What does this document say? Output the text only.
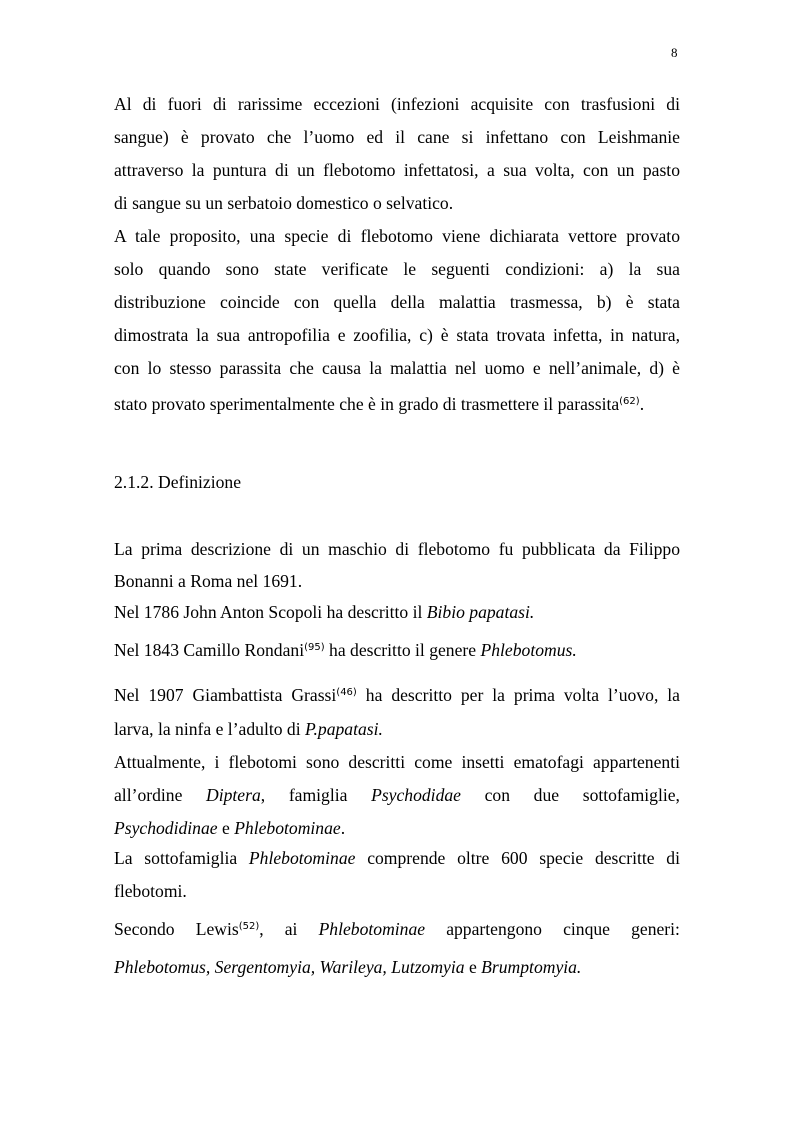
8
Al di fuori di rarissime eccezioni (infezioni acquisite con trasfusioni di
sangue) è provato che l’uomo ed il cane si infettano con Leishmanie
attraverso la puntura di un flebotomo infettatosi, a sua volta, con un pasto
di sangue su un serbatoio domestico o selvatico.
A tale proposito, una specie di flebotomo viene dichiarata vettore provato
solo quando sono state verificate le seguenti condizioni: a) la sua
distribuzione coincide con quella della malattia trasmessa, b) è stata
dimostrata la sua antropofilia e zoofilia, c) è stata trovata infetta, in natura,
con lo stesso parassita che causa la malattia nel uomo e nell’animale, d) è
stato provato sperimentalmente che è in grado di trasmettere il parassita$^{(62)}$.
2.1.2. Definizione
La prima descrizione di un maschio di flebotomo fu pubblicata da Filippo
Bonanni a Roma nel 1691.
Nel 1786 John Anton Scopoli ha descritto il Bibio papatasi.
Nel 1843 Camillo Rondani$^{(95)}$ ha descritto il genere Phlebotomus.
Nel 1907 Giambattista Grassi$^{(46)}$ ha descritto per la prima volta l’uovo, la
larva, la ninfa e l’adulto di P.papatasi.
Attualmente, i flebotomi sono descritti come insetti ematofagi appartenenti
all’ordine Diptera, famiglia Psychodidae con due sottofamiglie,
Psychodidinae e Phlebotominae.
La sottofamiglia Phlebotominae comprende oltre 600 specie descritte di
flebotomi.
Secondo Lewis$^{(52)}$, ai Phlebotominae appartengono cinque generi:
Phlebotomus, Sergentomyia, Warileya, Lutzomyia e Brumptomyia.
